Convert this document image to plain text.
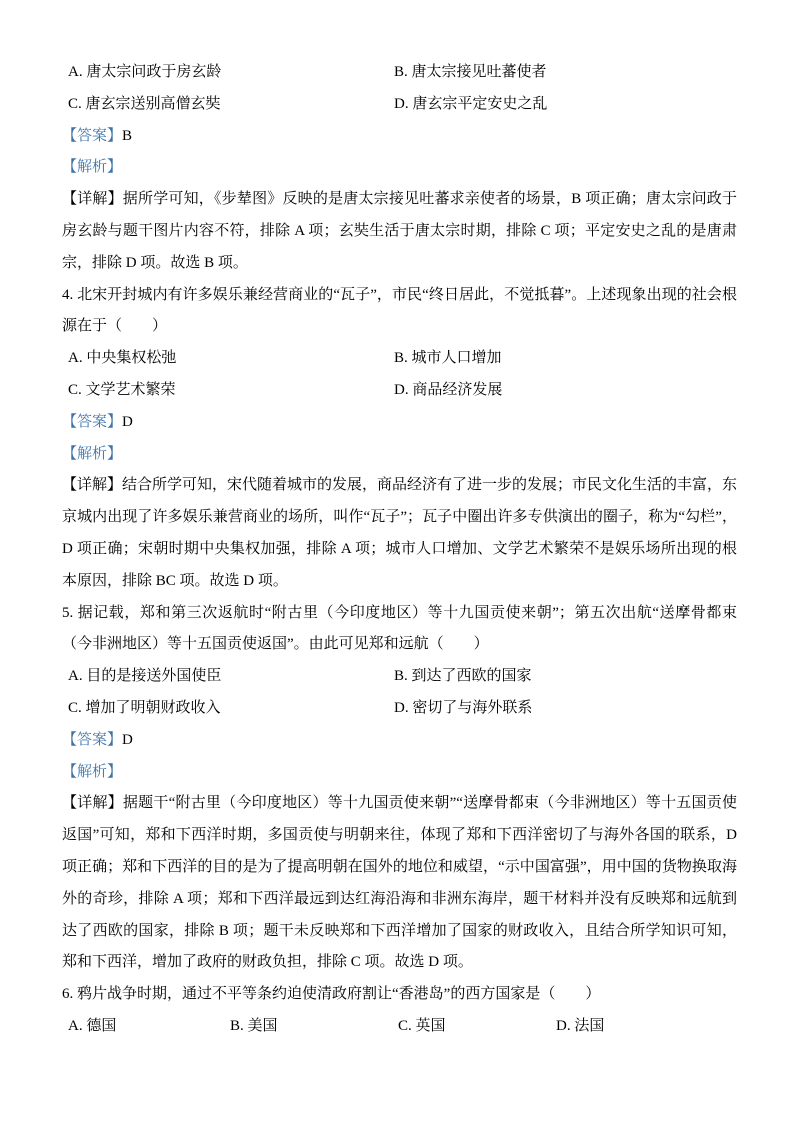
A. 唐太宗问政于房玄龄	B. 唐太宗接见吐蕃使者
C. 唐玄宗送别高僧玄奘	D. 唐玄宗平定安史之乱

【答案】B

【解析】

【详解】据所学可知，《步辇图》反映的是唐太宗接见吐蕃求亲使者的场景，B 项正确；唐太宗问政于房玄龄与题干图片内容不符，排除 A 项；玄奘生活于唐太宗时期，排除 C 项；平定安史之乱的是唐肃宗，排除 D 项。故选 B 项。

4. 北宋开封城内有许多娱乐兼经营商业的“瓦子”，市民“终日居此，不觉抵暮”。上述现象出现的社会根源在于（　　）

A. 中央集权松弛	B. 城市人口增加
C. 文学艺术繁荣	D. 商品经济发展

【答案】D

【解析】

【详解】结合所学可知，宋代随着城市的发展，商品经济有了进一步的发展；市民文化生活的丰富，东京城内出现了许多娱乐兼营商业的场所，叫作“瓦子”；瓦子中圈出许多专供演出的圈子，称为“勾栏”，D 项正确；宋朝时期中央集权加强，排除 A 项；城市人口增加、文学艺术繁荣不是娱乐场所出现的根本原因，排除 BC 项。故选 D 项。

5. 据记载，郑和第三次返航时“附古里（今印度地区）等十九国贡使来朝”；第五次出航“送摩骨都束（今非洲地区）等十五国贡使返国”。由此可见郑和远航（　　）

A. 目的是接送外国使臣	B. 到达了西欧的国家
C. 增加了明朝财政收入	D. 密切了与海外联系

【答案】D

【解析】

【详解】据题干“附古里（今印度地区）等十九国贡使来朝”“送摩骨都束（今非洲地区）等十五国贡使返国”可知，郑和下西洋时期，多国贡使与明朝来往，体现了郑和下西洋密切了与海外各国的联系，D 项正确；郑和下西洋的目的是为了提高明朝在国外的地位和威望，“示中国富强”，用中国的货物换取海外的奇珍，排除 A 项；郑和下西洋最远到达红海沿海和非洲东海岸，题干材料并没有反映郑和远航到达了西欧的国家，排除 B 项；题干未反映郑和下西洋增加了国家的财政收入，且结合所学知识可知，郑和下西洋，增加了政府的财政负担，排除 C 项。故选 D 项。

6. 鸦片战争时期，通过不平等条约迫使清政府割让“香港岛”的西方国家是（　　）

A. 德国	B. 美国	C. 英国	D. 法国
